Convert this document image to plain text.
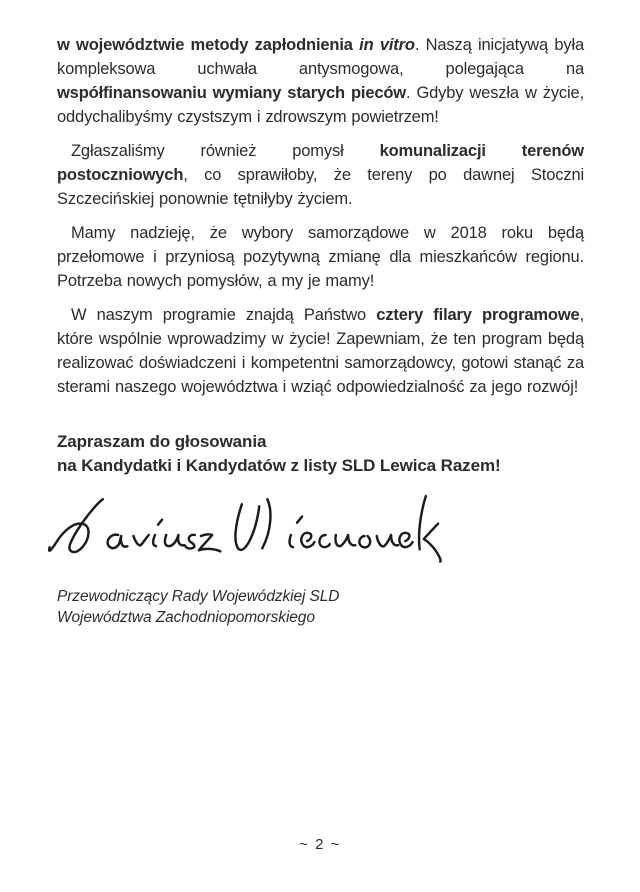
w województwie metody zapłodnienia in vitro. Naszą inicjatywą była kompleksowa uchwała antysmogowa, polegająca na współfinansowaniu wymiany starych pieców. Gdyby weszła w życie, oddychalibyśmy czystszym i zdrowszym powietrzem!

Zgłaszaliśmy również pomysł komunalizacji terenów postoczniowych, co sprawiłoby, że tereny po dawnej Stoczni Szczecińskiej ponownie tętniłyby życiem.

Mamy nadzieję, że wybory samorządowe w 2018 roku będą przełomowe i przyniosą pozytywną zmianę dla mieszkańców regionu. Potrzeba nowych pomysłów, a my je mamy!

W naszym programie znajdą Państwo cztery filary programowe, które wspólnie wprowadzimy w życie! Zapewniam, że ten program będą realizować doświadczeni i kompetentni samorządowcy, gotowi stanąć za sterami naszego województwa i wziąć odpowiedzialność za jego rozwój!

Zapraszam do głosowania
na Kandydatki i Kandydatów z listy SLD Lewica Razem!
Przewodniczący Rady Wojewódzkiej SLD
Województwa Zachodniopomorskiego
~ 2 ~
